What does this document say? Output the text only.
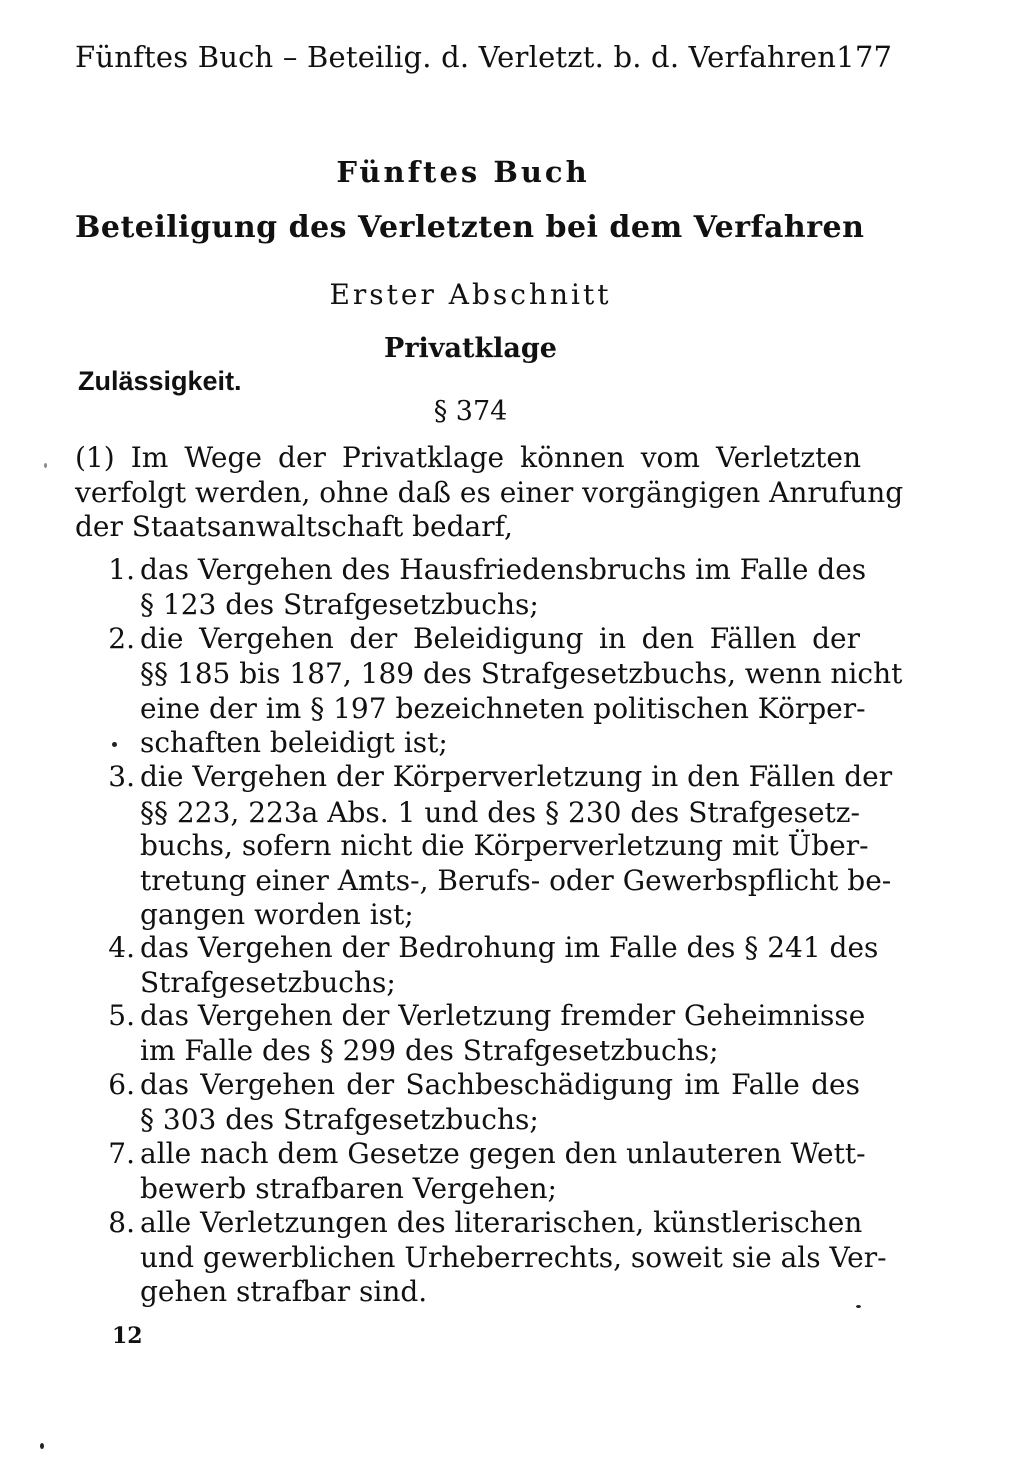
Fünftes Buch – Beteilig. d. Verletzt. b. d. Verfahren 177
Fünftes Buch
Beteiligung des Verletzten bei dem Verfahren
Erster Abschnitt
Privatklage
Zulässigkeit.
§ 374
(1) Im Wege der Privatklage können vom Verletzten
verfolgt werden, ohne daß es einer vorgängigen Anrufung
der Staatsanwaltschaft bedarf,
1. das Vergehen des Hausfriedensbruchs im Falle des
§ 123 des Strafgesetzbuchs;
2. die Vergehen der Beleidigung in den Fällen der
§§ 185 bis 187, 189 des Strafgesetzbuchs, wenn nicht
eine der im § 197 bezeichneten politischen Körper-
schaften beleidigt ist;
3. die Vergehen der Körperverletzung in den Fällen der
§§ 223, 223a Abs. 1 und des § 230 des Strafgesetz-
buchs, sofern nicht die Körperverletzung mit Über-
tretung einer Amts-, Berufs- oder Gewerbspflicht be-
gangen worden ist;
4. das Vergehen der Bedrohung im Falle des § 241 des
Strafgesetzbuchs;
5. das Vergehen der Verletzung fremder Geheimnisse
im Falle des § 299 des Strafgesetzbuchs;
6. das Vergehen der Sachbeschädigung im Falle des
§ 303 des Strafgesetzbuchs;
7. alle nach dem Gesetze gegen den unlauteren Wett-
bewerb strafbaren Vergehen;
8. alle Verletzungen des literarischen, künstlerischen
und gewerblichen Urheberrechts, soweit sie als Ver-
gehen strafbar sind.
12
